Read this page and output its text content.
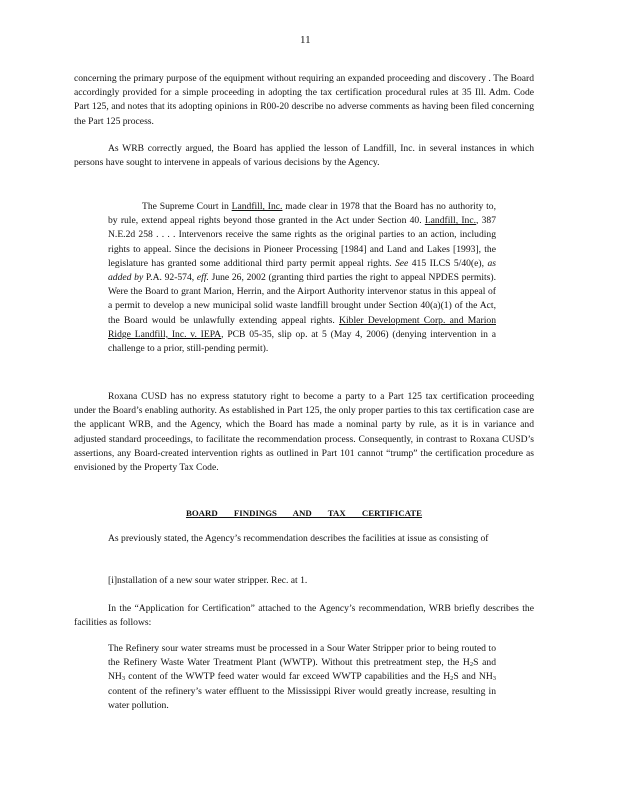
11

concerning the primary purpose of the equipment without requiring an expanded proceeding and discovery . The Board accordingly provided for a simple proceeding in adopting the tax certification procedural rules at 35 Ill. Adm. Code Part 125, and notes that its adopting opinions in R00-20 describe no adverse comments as having been filed concerning the Part 125 process.

As WRB correctly argued, the Board has applied the lesson of Landfill, Inc. in several instances in which persons have sought to intervene in appeals of various decisions by the Agency.

The Supreme Court in Landfill, Inc. made clear in 1978 that the Board has no authority to, by rule, extend appeal rights beyond those granted in the Act under Section 40. Landfill, Inc., 387 N.E.2d 258 . . . . Intervenors receive the same rights as the original parties to an action, including rights to appeal. Since the decisions in Pioneer Processing [1984] and Land and Lakes [1993], the legislature has granted some additional third party permit appeal rights. See 415 ILCS 5/40(e), as added by P.A. 92-574, eff. June 26, 2002 (granting third parties the right to appeal NPDES permits). Were the Board to grant Marion, Herrin, and the Airport Authority intervenor status in this appeal of a permit to develop a new municipal solid waste landfill brought under Section 40(a)(1) of the Act, the Board would be unlawfully extending appeal rights. Kibler Development Corp. and Marion Ridge Landfill, Inc. v. IEPA, PCB 05-35, slip op. at 5 (May 4, 2006) (denying intervention in a challenge to a prior, still-pending permit).

Roxana CUSD has no express statutory right to become a party to a Part 125 tax certification proceeding under the Board’s enabling authority. As established in Part 125, the only proper parties to this tax certification case are the applicant WRB, and the Agency, which the Board has made a nominal party by rule, as it is in variance and adjusted standard proceedings, to facilitate the recommendation process. Consequently, in contrast to Roxana CUSD’s assertions, any Board-created intervention rights as outlined in Part 101 cannot “trump” the certification procedure as envisioned by the Property Tax Code.

BOARD FINDINGS AND TAX CERTIFICATE

As previously stated, the Agency’s recommendation describes the facilities at issue as consisting of

[i]nstallation of a new sour water stripper. Rec. at 1.

In the “Application for Certification” attached to the Agency’s recommendation, WRB briefly describes the facilities as follows:

The Refinery sour water streams must be processed in a Sour Water Stripper prior to being routed to the Refinery Waste Water Treatment Plant (WWTP). Without this pretreatment step, the $H_2S$ and $NH_3$ content of the WWTP feed water would far exceed WWTP capabilities and the $H_2S$ and $NH_3$ content of the refinery’s water effluent to the Mississippi River would greatly increase, resulting in water pollution.
